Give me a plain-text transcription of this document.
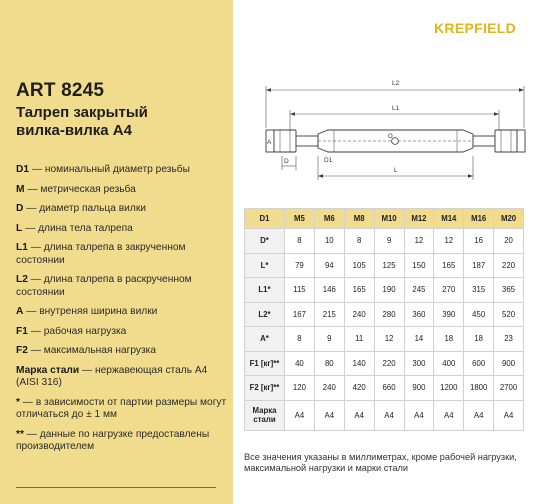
ART 8245
Талреп закрытый
вилка-вилка A4
D1 — номинальный диаметр резьбы
M — метрическая резьба
D — диаметр пальца вилки
L — длина тела талрепа
L1 — длина талрепа в закрученном состоянии
L2 — длина талрепа в раскрученном состоянии
A — внутреняя ширина вилки
F1 — рабочая нагрузка
F2 — максимальная нагрузка
Марка стали — нержавеющая сталь A4 (AISI 316)
* — в зависимости от партии размеры могут отличаться до ± 1 мм
** — данные по нагрузке предоставлены производителем
KREPFIELD
L2
L1
A
O
D	D1
L
D1	M5	M6	M8	M10	M12	M14	M16	M20
D*	8	10	8	9	12	12	16	20
L*	79	94	105	125	150	165	187	220
L1*	115	146	165	190	245	270	315	365
L2*	167	215	240	280	360	390	450	520
A*	8	9	11	12	14	18	18	23
F1 [кг]**	40	80	140	220	300	400	600	900
F2 [кг]**	120	240	420	660	900	1200	1800	2700
Марка стали	A4	A4	A4	A4	A4	A4	A4	A4
Все значения указаны в миллиметрах, кроме рабочей нагрузки, максимальной нагрузки и марки стали
